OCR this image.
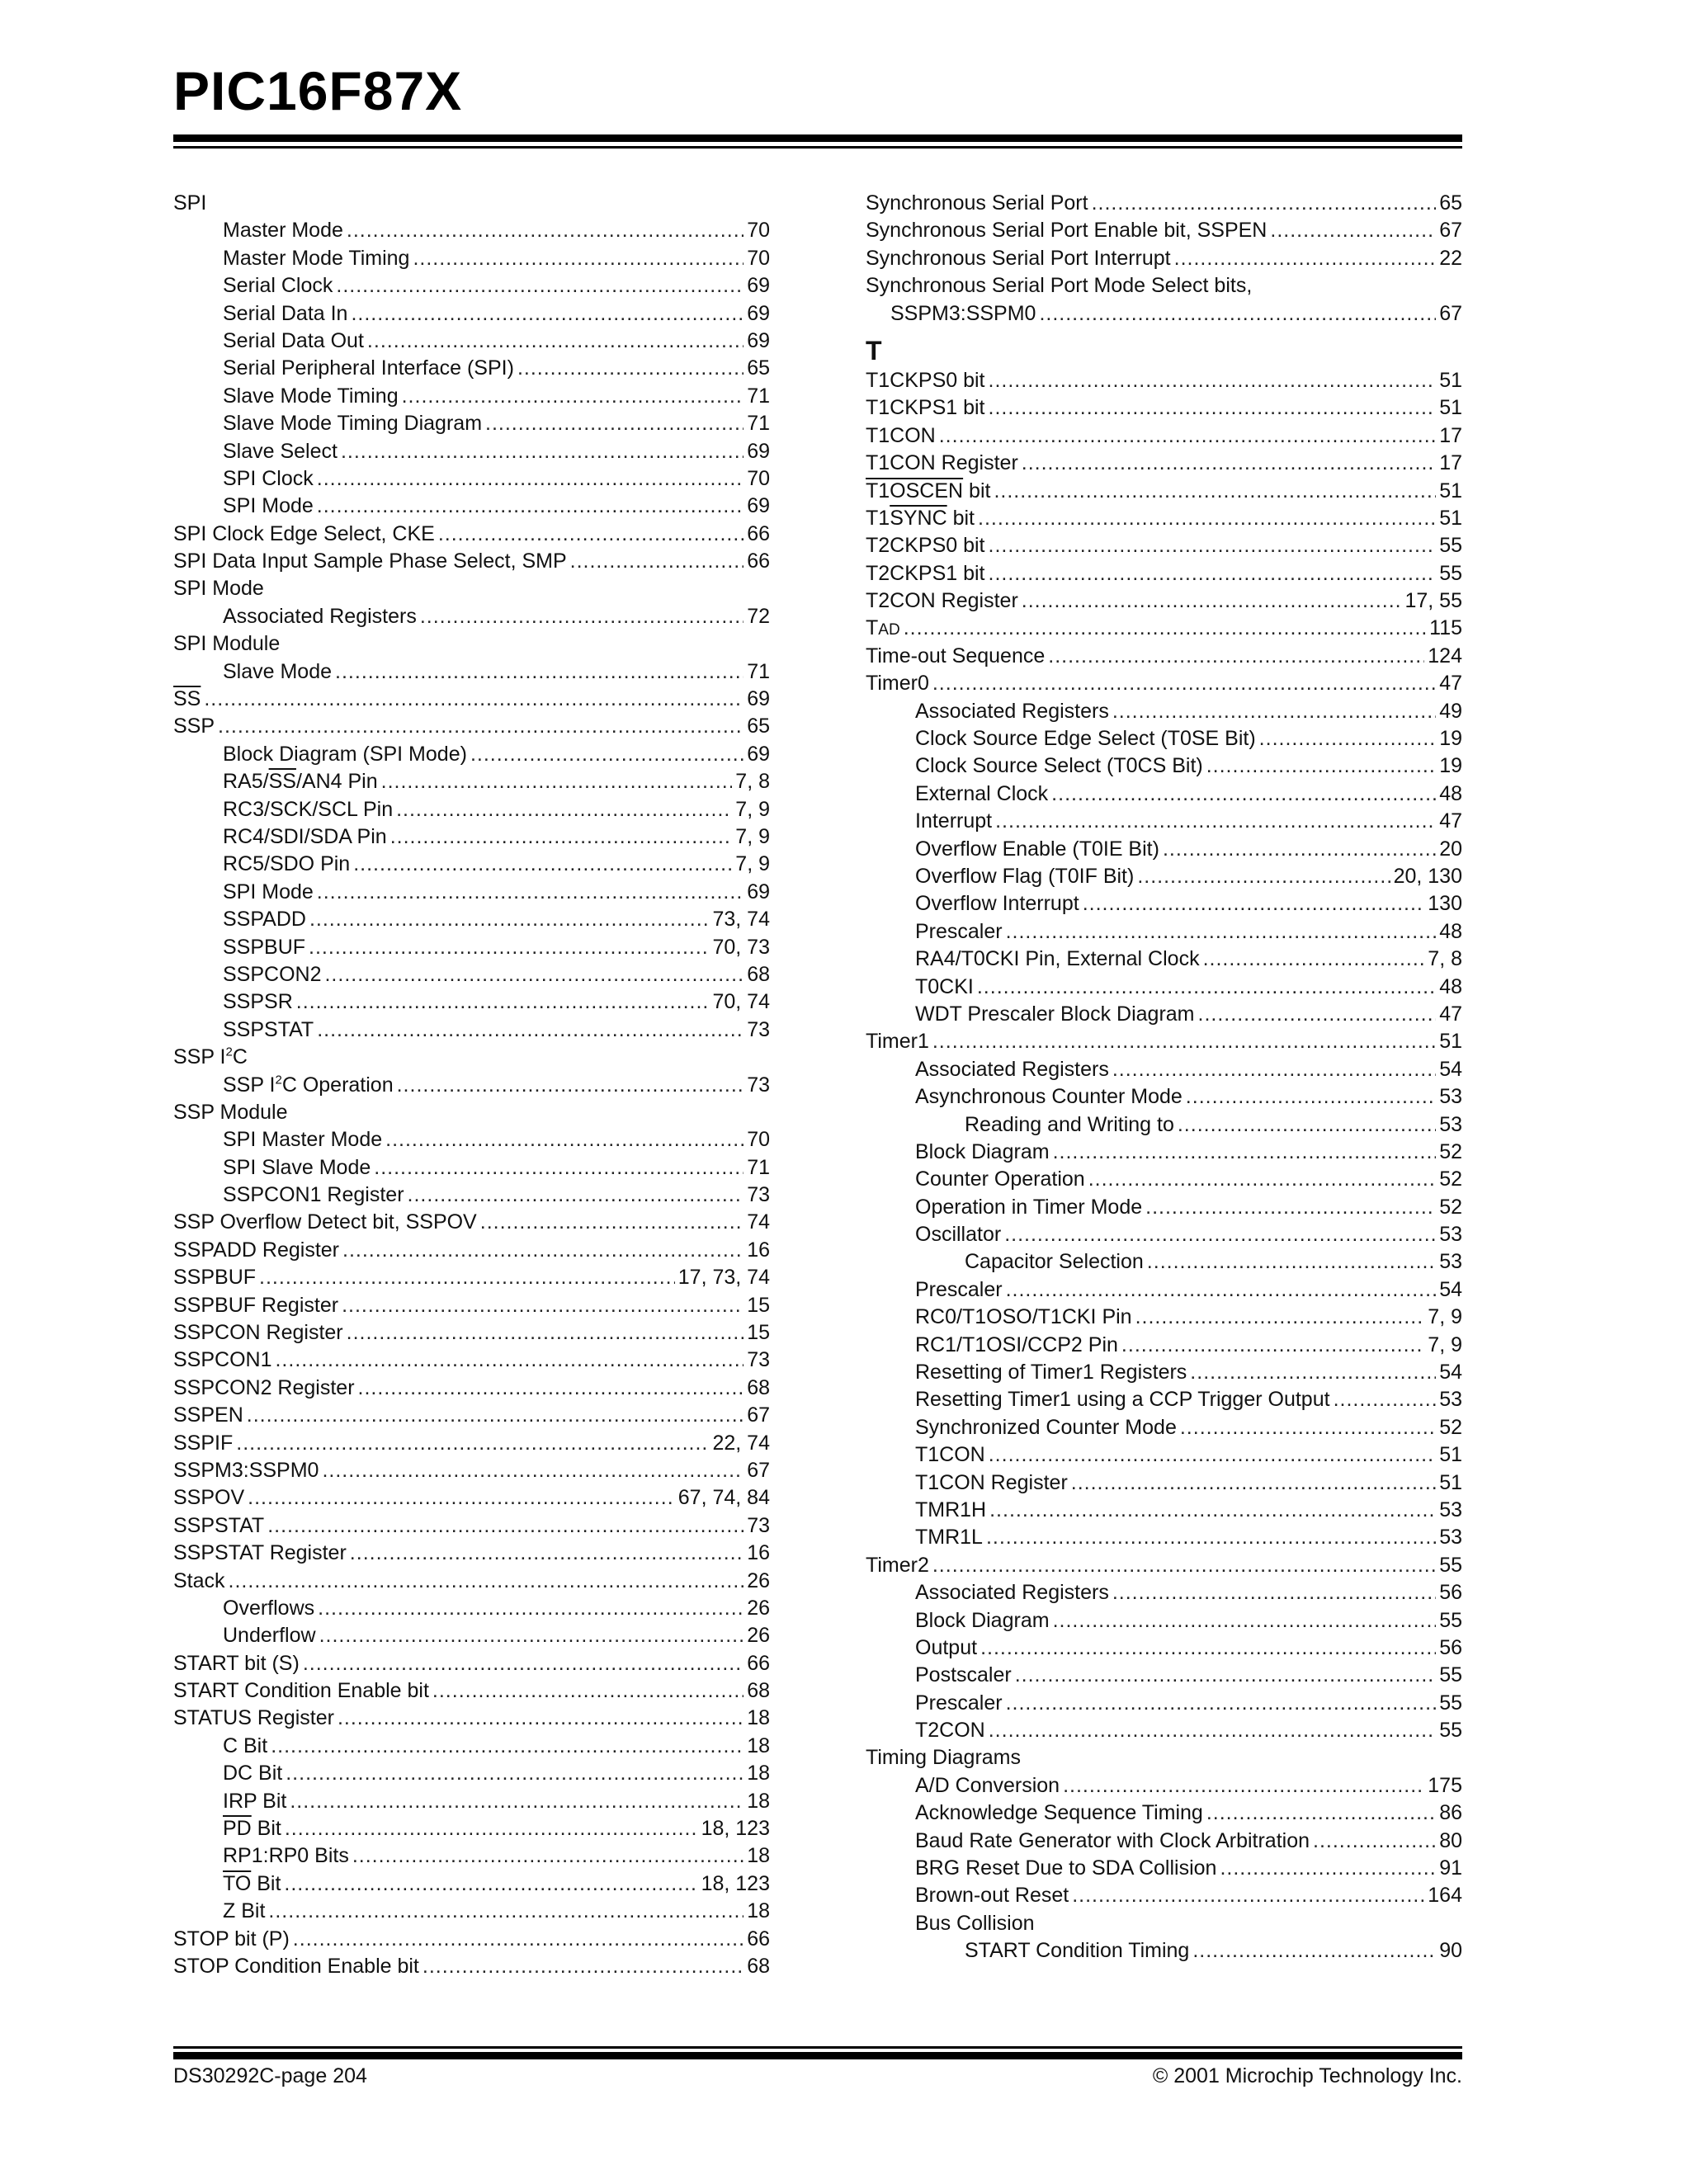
PIC16F87X
SPI
Master Mode .....	70
Master Mode Timing .....	70
Serial Clock .....	69
Serial Data In .....	69
Serial Data Out .....	69
Serial Peripheral Interface (SPI) .....	65
Slave Mode Timing .....	71
Slave Mode Timing Diagram .....	71
Slave Select .....	69
SPI Clock .....	70
SPI Mode .....	69
SPI Clock Edge Select, CKE .....	66
SPI Data Input Sample Phase Select, SMP .....	66
SPI Mode
Associated Registers .....	72
SPI Module
Slave Mode .....	71
$\overline{SS}$ .....	69
SSP .....	65
Block Diagram (SPI Mode) .....	69
$RA5/\overline{SS}/AN4$ Pin .....	7, 8
RC3/SCK/SCL Pin .....	7, 9
RC4/SDI/SDA Pin .....	7, 9
RC5/SDO Pin .....	7, 9
SPI Mode .....	69
SSPADD .....	73, 74
SSPBUF .....	70, 73
SSPCON2 .....	68
SSPSR .....	70, 74
SSPSTAT .....	73
SSP $I^2C$
SSP $I^2C$ Operation .....	73
SSP Module
SPI Master Mode .....	70
SPI Slave Mode .....	71
SSPCON1 Register .....	73
SSP Overflow Detect bit, SSPOV .....	74
SSPADD Register .....	16
SSPBUF .....	17, 73, 74
SSPBUF Register .....	15
SSPCON Register .....	15
SSPCON1 .....	73
SSPCON2 Register .....	68
SSPEN .....	67
SSPIF .....	22, 74
SSPM3:SSPM0 .....	67
SSPOV .....	67, 74, 84
SSPSTAT .....	73
SSPSTAT Register .....	16
Stack .....	26
Overflows .....	26
Underflow .....	26
START bit (S) .....	66
START Condition Enable bit .....	68
STATUS Register .....	18
C Bit .....	18
DC Bit .....	18
IRP Bit .....	18
$\overline{PD}$ Bit .....	18, 123
RP1:RP0 Bits .....	18
$\overline{TO}$ Bit .....	18, 123
Z Bit .....	18
STOP bit (P) .....	66
STOP Condition Enable bit .....	68
Synchronous Serial Port .....	65
Synchronous Serial Port Enable bit, SSPEN .....	67
Synchronous Serial Port Interrupt .....	22
Synchronous Serial Port Mode Select bits,
SSPM3:SSPM0 .....	67
T
T1CKPS0 bit .....	51
T1CKPS1 bit .....	51
T1CON .....	17
T1CON Register .....	17
T1OSCEN bit .....	51
T1SYNC bit .....	51
T2CKPS0 bit .....	55
T2CKPS1 bit .....	55
T2CON Register .....	17, 55
TAD .....	115
Time-out Sequence .....	124
Timer0 .....	47
Associated Registers .....	49
Clock Source Edge Select (T0SE Bit) .....	19
Clock Source Select (T0CS Bit) .....	19
External Clock .....	48
Interrupt .....	47
Overflow Enable (T0IE Bit) .....	20
Overflow Flag (T0IF Bit) .....	20, 130
Overflow Interrupt .....	130
Prescaler .....	48
RA4/T0CKI Pin, External Clock .....	7, 8
T0CKI .....	48
WDT Prescaler Block Diagram .....	47
Timer1 .....	51
Associated Registers .....	54
Asynchronous Counter Mode .....	53
Reading and Writing to .....	53
Block Diagram .....	52
Counter Operation .....	52
Operation in Timer Mode .....	52
Oscillator .....	53
Capacitor Selection .....	53
Prescaler .....	54
RC0/T1OSO/T1CKI Pin .....	7, 9
RC1/T1OSI/CCP2 Pin .....	7, 9
Resetting of Timer1 Registers .....	54
Resetting Timer1 using a CCP Trigger Output .....	53
Synchronized Counter Mode .....	52
T1CON .....	51
T1CON Register .....	51
TMR1H .....	53
TMR1L .....	53
Timer2 .....	55
Associated Registers .....	56
Block Diagram .....	55
Output .....	56
Postscaler .....	55
Prescaler .....	55
T2CON .....	55
Timing Diagrams
A/D Conversion .....	175
Acknowledge Sequence Timing .....	86
Baud Rate Generator with Clock Arbitration .....	80
BRG Reset Due to SDA Collision .....	91
Brown-out Reset .....	164
Bus Collision
START Condition Timing .....	90
DS30292C-page 204	© 2001 Microchip Technology Inc.
